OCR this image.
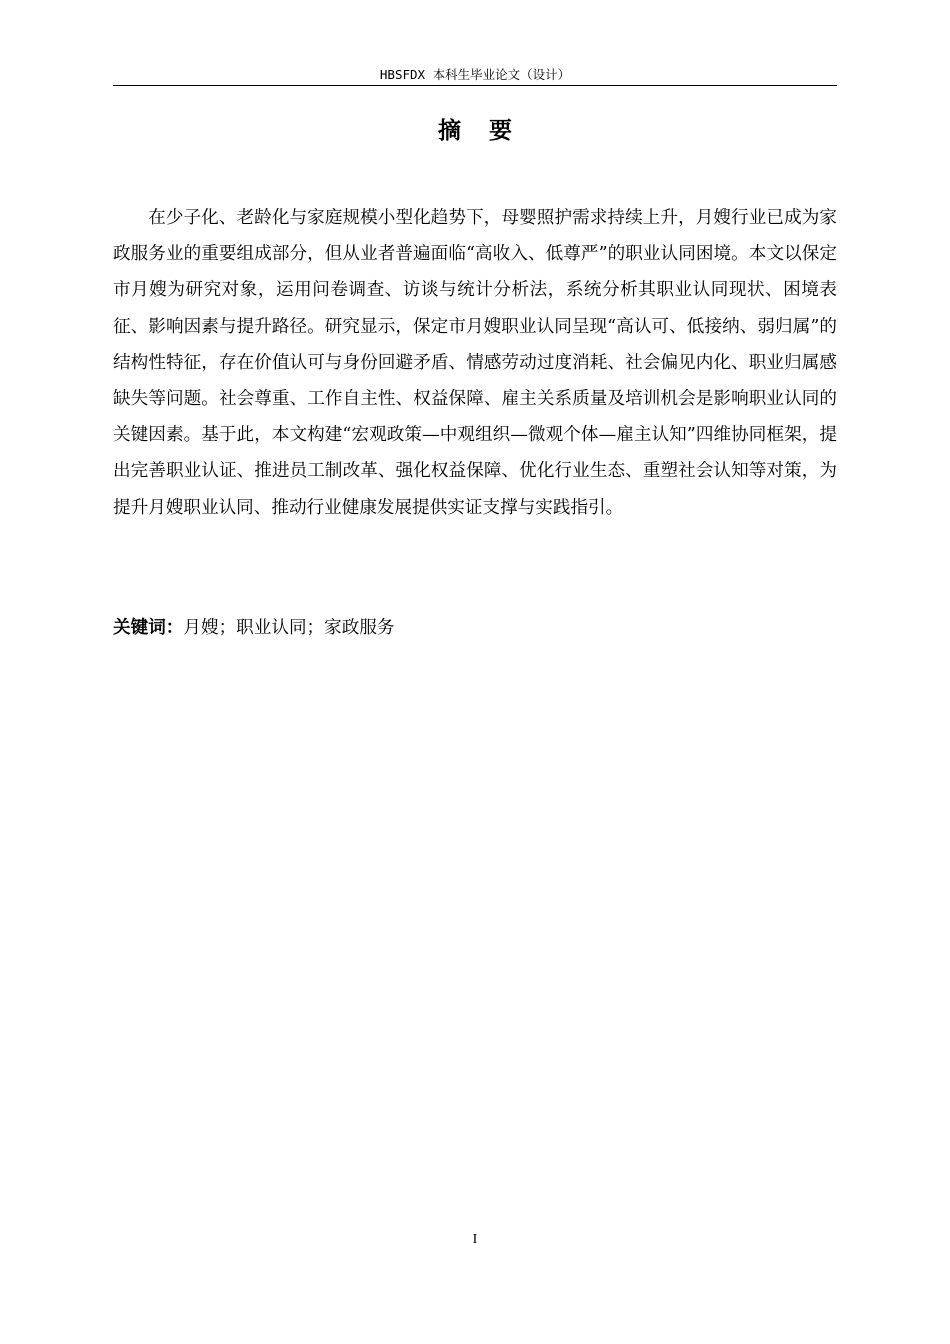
HBSFDX 本科生毕业论文（设计）
摘要

在少子化、老龄化与家庭规模小型化趋势下，母婴照护需求持续上升，月嫂行业已成为家政服务业的重要组成部分，但从业者普遍面临“高收入、低尊严”的职业认同困境。本文以保定市月嫂为研究对象，运用问卷调查、访谈与统计分析法，系统分析其职业认同现状、困境表征、影响因素与提升路径。研究显示，保定市月嫂职业认同呈现“高认可、低接纳、弱归属”的结构性特征，存在价值认可与身份回避矛盾、情感劳动过度消耗、社会偏见内化、职业归属感缺失等问题。社会尊重、工作自主性、权益保障、雇主关系质量及培训机会是影响职业认同的关键因素。基于此，本文构建“宏观政策—中观组织—微观个体—雇主认知”四维协同框架，提出完善职业认证、推进员工制改革、强化权益保障、优化行业生态、重塑社会认知等对策，为提升月嫂职业认同、推动行业健康发展提供实证支撑与实践指引。

关键词：月嫂；职业认同；家政服务
I
